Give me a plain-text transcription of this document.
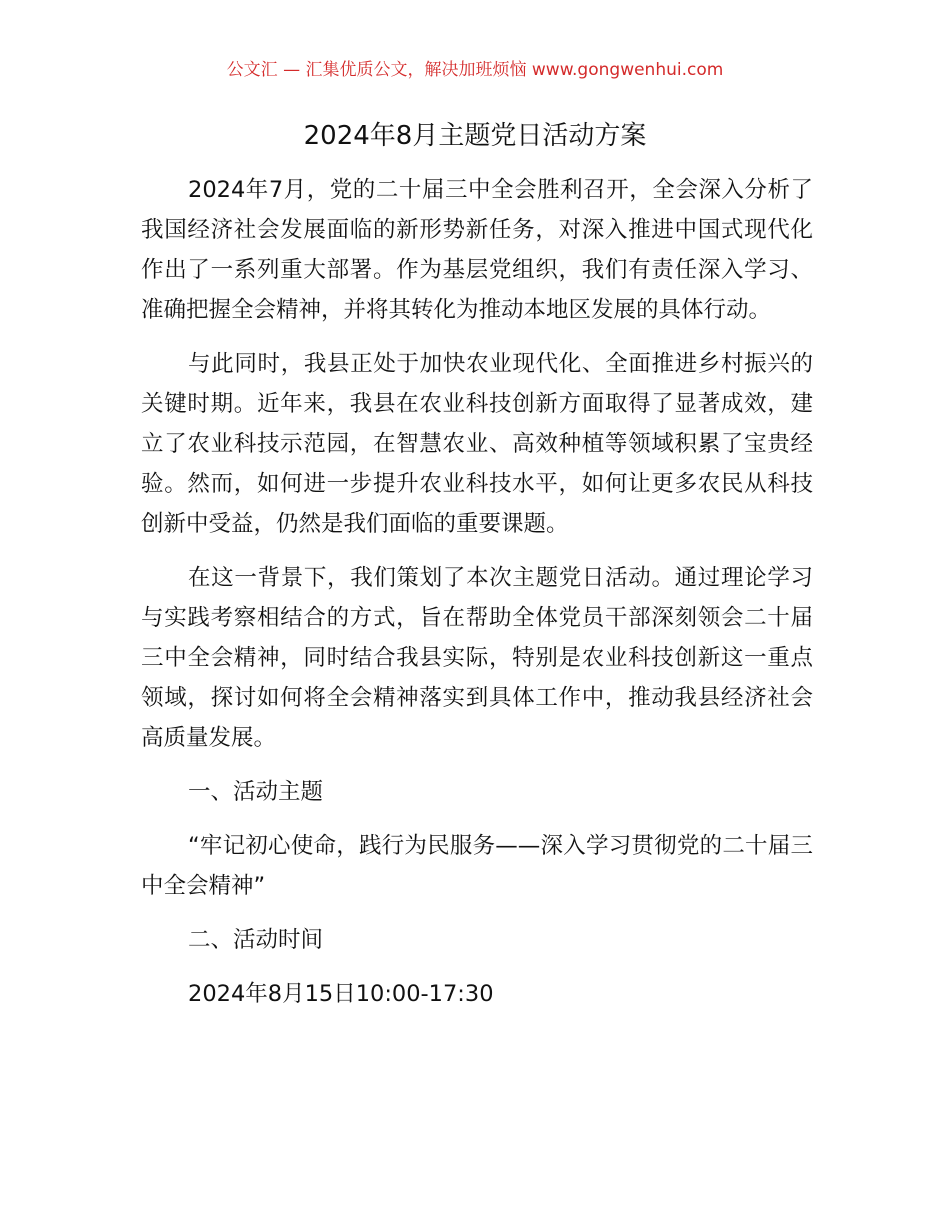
公文汇 — 汇集优质公文，解决加班烦恼 www.gongwenhui.com
2024年8月主题党日活动方案

2024年7月，党的二十届三中全会胜利召开，全会深入分析了我国经济社会发展面临的新形势新任务，对深入推进中国式现代化作出了一系列重大部署。作为基层党组织，我们有责任深入学习、准确把握全会精神，并将其转化为推动本地区发展的具体行动。

与此同时，我县正处于加快农业现代化、全面推进乡村振兴的关键时期。近年来，我县在农业科技创新方面取得了显著成效，建立了农业科技示范园，在智慧农业、高效种植等领域积累了宝贵经验。然而，如何进一步提升农业科技水平，如何让更多农民从科技创新中受益，仍然是我们面临的重要课题。

在这一背景下，我们策划了本次主题党日活动。通过理论学习与实践考察相结合的方式，旨在帮助全体党员干部深刻领会二十届三中全会精神，同时结合我县实际，特别是农业科技创新这一重点领域，探讨如何将全会精神落实到具体工作中，推动我县经济社会高质量发展。

一、活动主题

“牢记初心使命，践行为民服务——深入学习贯彻党的二十届三中全会精神”

二、活动时间

2024年8月15日10:00-17:30
